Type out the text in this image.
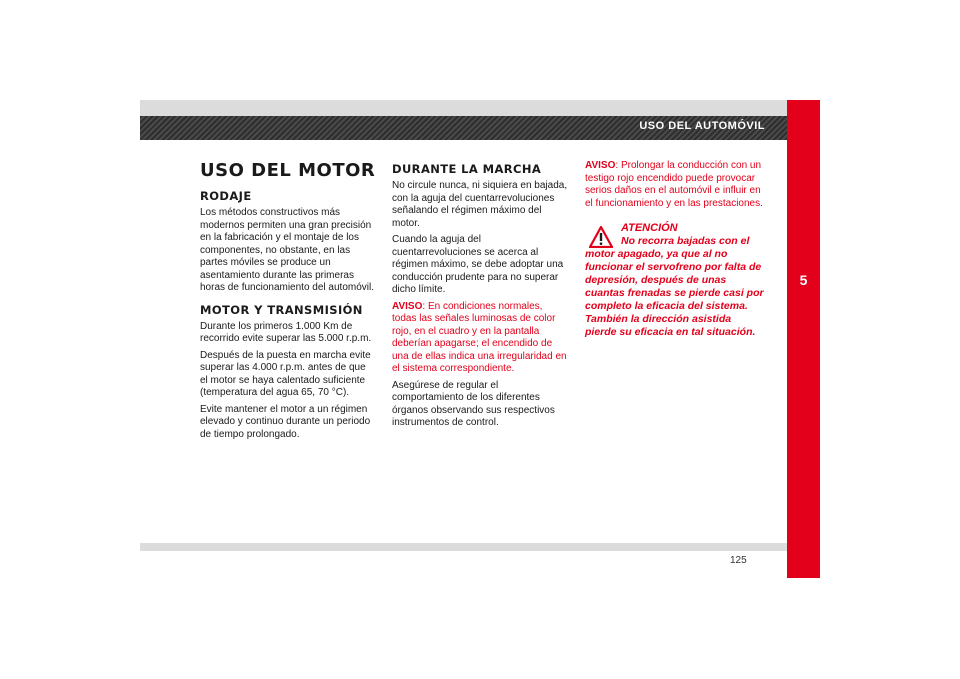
USO DEL AUTOMÓVIL
5
USO DEL MOTOR
RODAJE

Los métodos constructivos más modernos permiten una gran precisión en la fabricación y el montaje de los componentes, no obstante, en las partes móviles se produce un asentamiento durante las primeras horas de funcionamiento del automóvil.

MOTOR Y TRANSMISIÓN

Durante los primeros 1.000 Km de recorrido evite superar las 5.000 r.p.m.

Después de la puesta en marcha evite superar las 4.000 r.p.m. antes de que el motor se haya calentado suficiente (temperatura del agua 65, 70 °C).

Evite mantener el motor a un régimen elevado y continuo durante un periodo de tiempo prolongado.

DURANTE LA MARCHA

No circule nunca, ni siquiera en bajada, con la aguja del cuentarrevoluciones señalando el régimen máximo del motor.

Cuando la aguja del cuentarrevoluciones se acerca al régimen máximo, se debe adoptar una conducción prudente para no superar dicho límite.

AVISO: En condiciones normales, todas las señales luminosas de color rojo, en el cuadro y en la pantalla deberían apagarse; el encendido de una de ellas indica una irregularidad en el sistema correspondiente.

Asegúrese de regular el comportamiento de los diferentes órganos observando sus respectivos instrumentos de control.

AVISO: Prolongar la conducción con un testigo rojo encendido puede provocar serios daños en el automóvil e influir en el funcionamiento y en las prestaciones.

ATENCIÓN

No recorra bajadas con el motor apagado, ya que al no funcionar el servofreno por falta de depresión, después de unas cuantas frenadas se pierde casi por completo la eficacia del sistema. También la dirección asistida pierde su eficacia en tal situación.

125
